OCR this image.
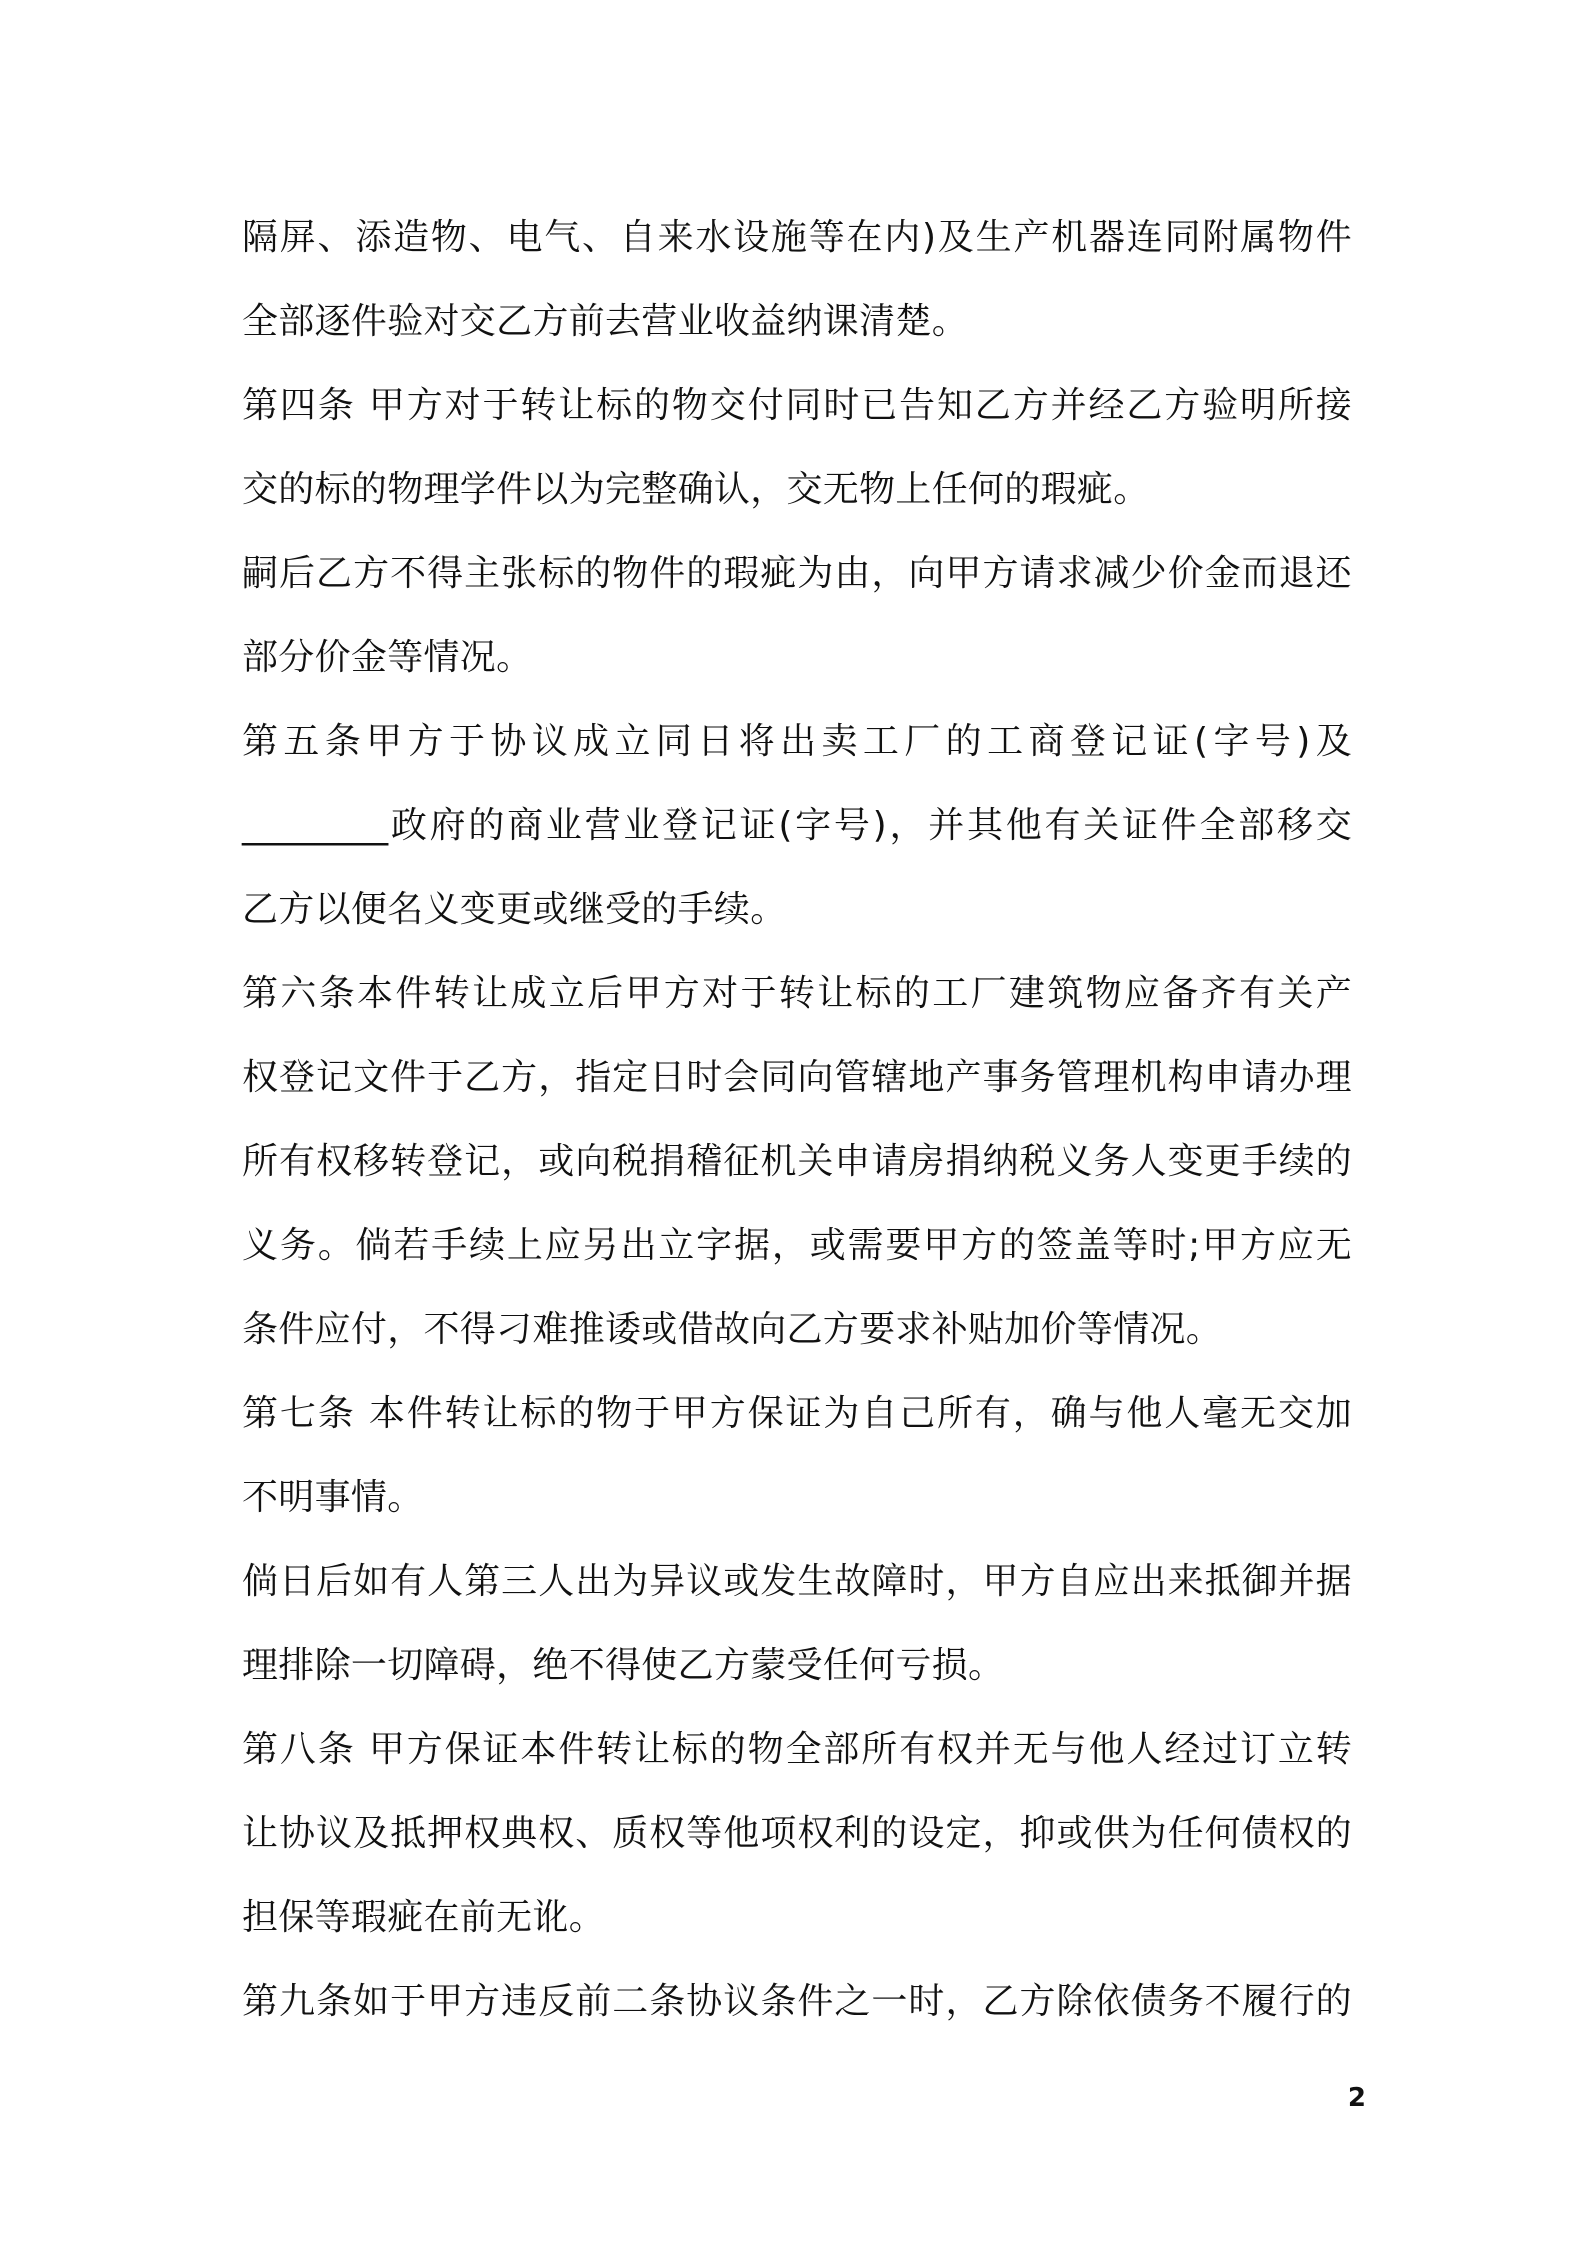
隔屏、添造物、电气、自来水设施等在内)及生产机器连同附属物件
全部逐件验对交乙方前去营业收益纳课清楚。
第四条 甲方对于转让标的物交付同时已告知乙方并经乙方验明所接
交的标的物理学件以为完整确认，交无物上任何的瑕疵。
嗣后乙方不得主张标的物件的瑕疵为由，向甲方请求减少价金而退还
部分价金等情况。
第五条甲方于协议成立同日将出卖工厂的工商登记证(字号)及
________政府的商业营业登记证(字号)，并其他有关证件全部移交
乙方以便名义变更或继受的手续。
第六条本件转让成立后甲方对于转让标的工厂建筑物应备齐有关产
权登记文件于乙方，指定日时会同向管辖地产事务管理机构申请办理
所有权移转登记，或向税捐稽征机关申请房捐纳税义务人变更手续的
义务。倘若手续上应另出立字据，或需要甲方的签盖等时;甲方应无
条件应付，不得刁难推诿或借故向乙方要求补贴加价等情况。
第七条 本件转让标的物于甲方保证为自己所有，确与他人毫无交加
不明事情。
倘日后如有人第三人出为异议或发生故障时，甲方自应出来抵御并据
理排除一切障碍，绝不得使乙方蒙受任何亏损。
第八条 甲方保证本件转让标的物全部所有权并无与他人经过订立转
让协议及抵押权典权、质权等他项权利的设定，抑或供为任何债权的
担保等瑕疵在前无讹。
第九条如于甲方违反前二条协议条件之一时，乙方除依债务不履行的
2
